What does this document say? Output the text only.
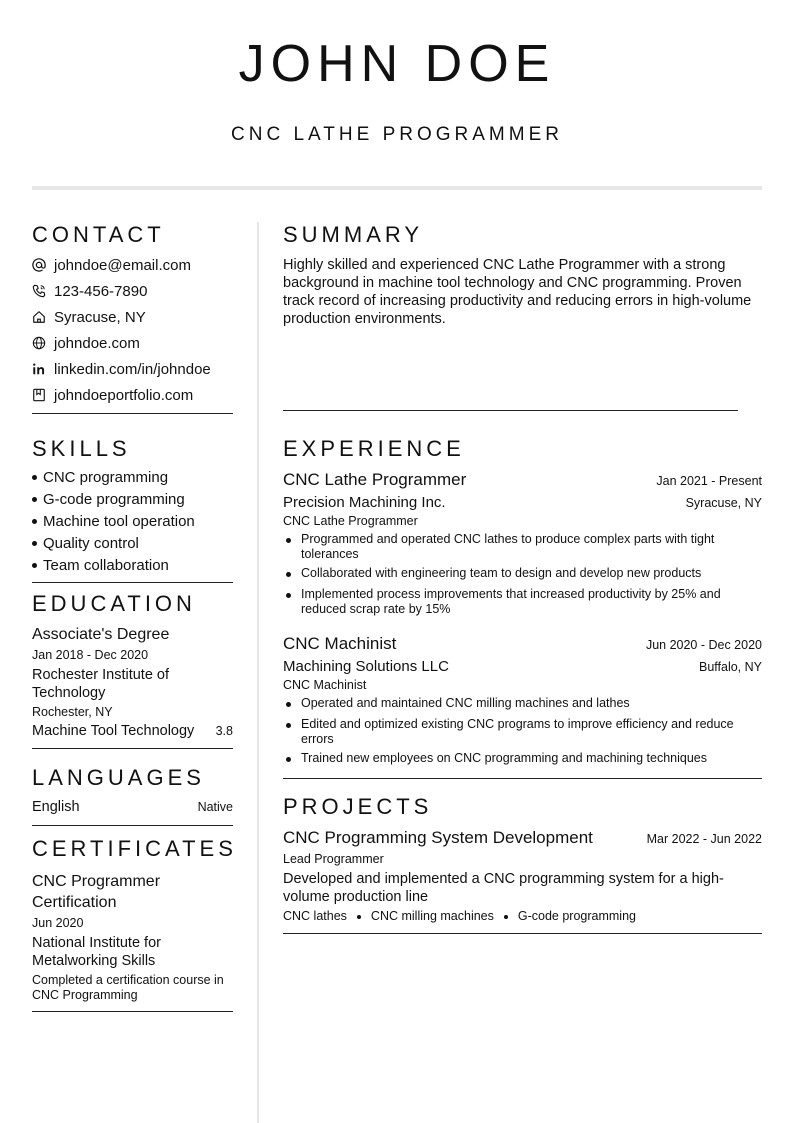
JOHN DOE
CNC LATHE PROGRAMMER
CONTACT
johndoe@email.com
123-456-7890
Syracuse, NY
johndoe.com
linkedin.com/in/johndoe
johndoeportfolio.com
SKILLS
CNC programming
G-code programming
Machine tool operation
Quality control
Team collaboration
EDUCATION
Associate's Degree
Jan 2018 - Dec 2020
Rochester Institute of Technology
Rochester, NY
Machine Tool Technology 3.8
LANGUAGES
English	Native
CERTIFICATES
CNC Programmer Certification
Jun 2020
National Institute for Metalworking Skills
Completed a certification course in CNC Programming
SUMMARY
Highly skilled and experienced CNC Lathe Programmer with a strong background in machine tool technology and CNC programming. Proven track record of increasing productivity and reducing errors in high-volume production environments.
EXPERIENCE
CNC Lathe Programmer	Jan 2021 - Present
Precision Machining Inc.	Syracuse, NY
CNC Lathe Programmer
Programmed and operated CNC lathes to produce complex parts with tight tolerances
Collaborated with engineering team to design and develop new products
Implemented process improvements that increased productivity by 25% and reduced scrap rate by 15%
CNC Machinist	Jun 2020 - Dec 2020
Machining Solutions LLC	Buffalo, NY
CNC Machinist
Operated and maintained CNC milling machines and lathes
Edited and optimized existing CNC programs to improve efficiency and reduce errors
Trained new employees on CNC programming and machining techniques
PROJECTS
CNC Programming System Development	Mar 2022 - Jun 2022
Lead Programmer
Developed and implemented a CNC programming system for a high-volume production line
CNC lathes CNC milling machines G-code programming
